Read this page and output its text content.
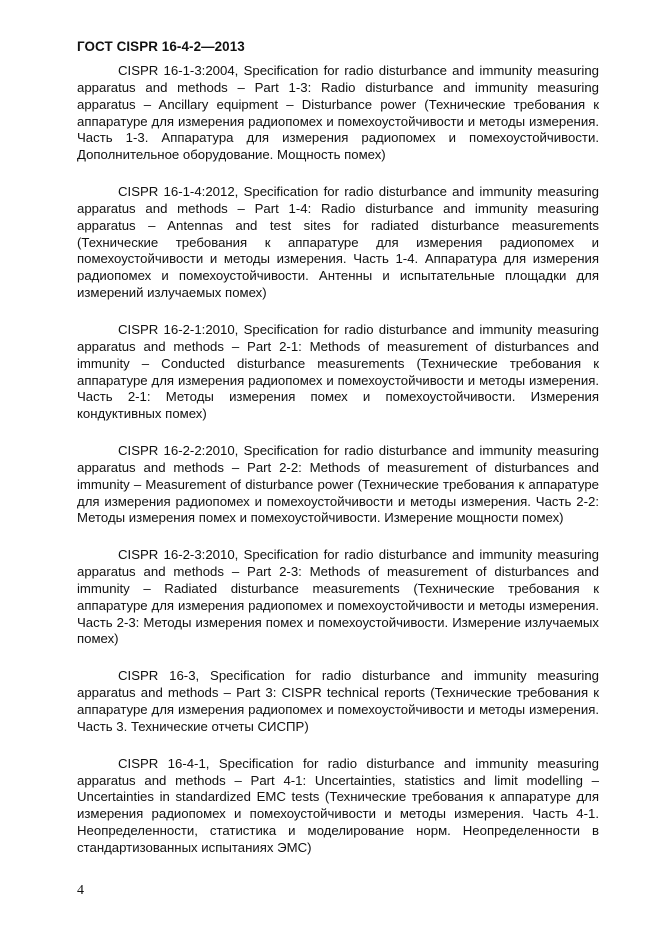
ГОСТ CISPR 16-4-2—2013

CISPR 16-1-3:2004, Specification for radio disturbance and immunity measuring apparatus and methods – Part 1-3: Radio disturbance and immunity measuring apparatus – Ancillary equipment – Disturbance power (Технические требования к аппаратуре для измерения радиопомех и помехоустойчивости и методы измерения. Часть 1-3. Аппаратура для измерения радиопомех и помехоустойчивости. Дополнительное оборудование. Мощность помех)

CISPR 16-1-4:2012, Specification for radio disturbance and immunity measuring apparatus and methods – Part 1-4: Radio disturbance and immunity measuring apparatus – Antennas and test sites for radiated disturbance measurements (Технические требования к аппаратуре для измерения радиопомех и помехоустойчивости и методы измерения. Часть 1-4. Аппаратура для измерения радиопомех и помехоустойчивости. Антенны и испытательные площадки для измерений излучаемых помех)

CISPR 16-2-1:2010, Specification for radio disturbance and immunity measuring apparatus and methods – Part 2-1: Methods of measurement of disturbances and immunity – Conducted disturbance measurements (Технические требования к аппаратуре для измерения радиопомех и помехоустойчивости и методы измерения. Часть 2-1: Методы измерения помех и помехоустойчивости. Измерения кондуктивных помех)

CISPR 16-2-2:2010, Specification for radio disturbance and immunity measuring apparatus and methods – Part 2-2: Methods of measurement of disturbances and immunity – Measurement of disturbance power (Технические требования к аппаратуре для измерения радиопомех и помехоустойчивости и методы измерения. Часть 2-2: Методы измерения помех и помехоустойчивости. Измерение мощности помех)

CISPR 16-2-3:2010, Specification for radio disturbance and immunity measuring apparatus and methods – Part 2-3: Methods of measurement of disturbances and immunity – Radiated disturbance measurements (Технические требования к аппаратуре для измерения радиопомех и помехоустойчивости и методы измерения. Часть 2-3: Методы измерения помех и помехоустойчивости. Измерение излучаемых помех)

CISPR 16-3, Specification for radio disturbance and immunity measuring apparatus and methods – Part 3: CISPR technical reports (Технические требования к аппаратуре для измерения радиопомех и помехоустойчивости и методы измерения. Часть 3. Технические отчеты СИСПР)

CISPR 16-4-1, Specification for radio disturbance and immunity measuring apparatus and methods – Part 4-1: Uncertainties, statistics and limit modelling – Uncertainties in standardized EMC tests (Технические требования к аппаратуре для измерения радиопомех и помехоустойчивости и методы измерения. Часть 4-1. Неопределенности, статистика и моделирование норм. Неопределенности в стандартизованных испытаниях ЭМС)

4
